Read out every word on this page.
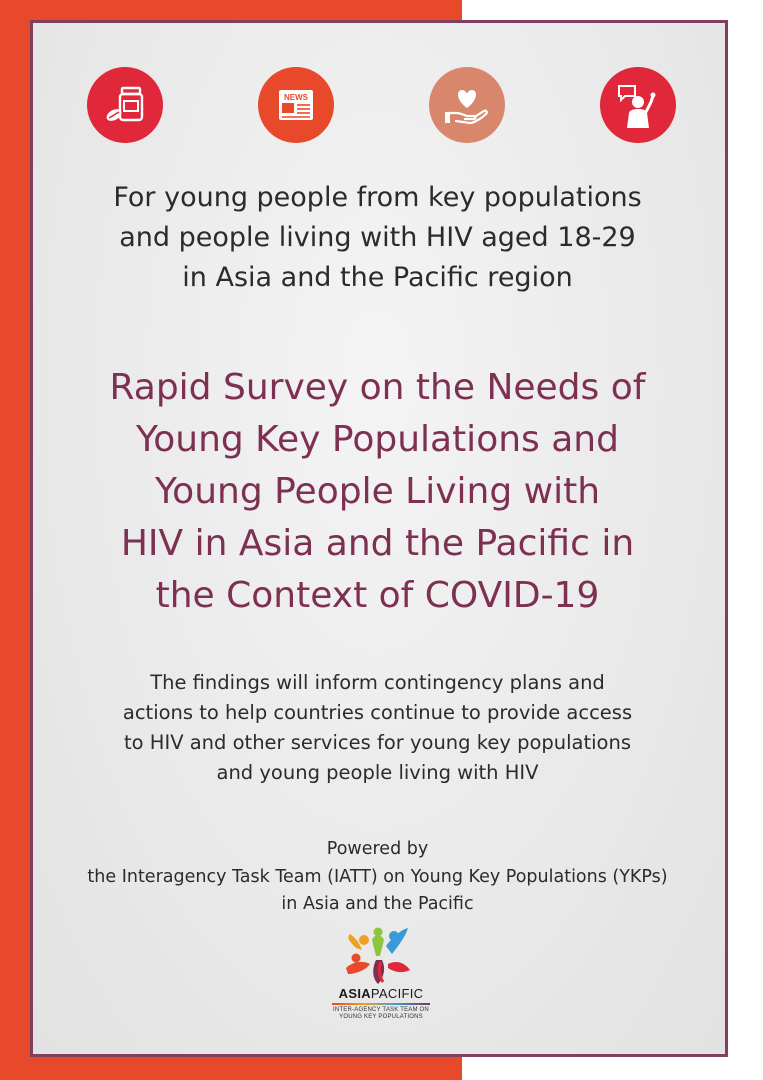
NEWS
For young people from key populations
and people living with HIV aged 18-29
in Asia and the Pacific region
Rapid Survey on the Needs of
Young Key Populations and
Young People Living with
HIV in Asia and the Pacific in
the Context of COVID-19
The findings will inform contingency plans and
actions to help countries continue to provide access
to HIV and other services for young key populations
and young people living with HIV
Powered by
the Interagency Task Team (IATT) on Young Key Populations (YKPs)
in Asia and the Pacific
ASIAPACIFIC
INTER-AGENCY TASK TEAM ON
YOUNG KEY POPULATIONS
